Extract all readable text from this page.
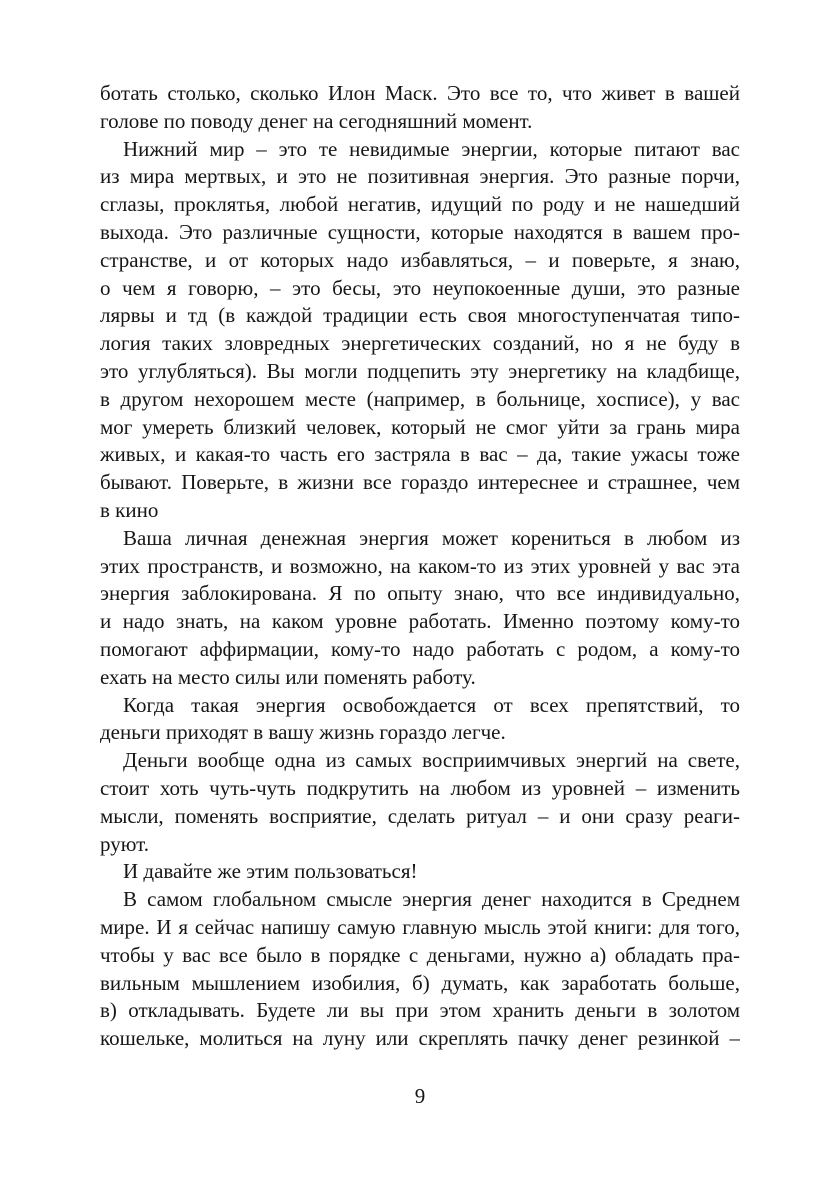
ботать столько, сколько Илон Маск. Это все то, что живет в вашей
голове по поводу денег на сегодняшний момент.
Нижний мир – это те невидимые энергии, которые питают вас
из мира мертвых, и это не позитивная энергия. Это разные порчи,
сглазы, проклятья, любой негатив, идущий по роду и не нашедший
выхода. Это различные сущности, которые находятся в вашем про-
странстве, и от которых надо избавляться, – и поверьте, я знаю,
о чем я говорю, – это бесы, это неупокоенные души, это разные
лярвы и тд (в каждой традиции есть своя многоступенчатая типо-
логия таких зловредных энергетических созданий, но я не буду в
это углубляться). Вы могли подцепить эту энергетику на кладбище,
в другом нехорошем месте (например, в больнице, хосписе), у вас
мог умереть близкий человек, который не смог уйти за грань мира
живых, и какая-то часть его застряла в вас – да, такие ужасы тоже
бывают. Поверьте, в жизни все гораздо интереснее и страшнее, чем
в кино
Ваша личная денежная энергия может корениться в любом из
этих пространств, и возможно, на каком-то из этих уровней у вас эта
энергия заблокирована. Я по опыту знаю, что все индивидуально,
и надо знать, на каком уровне работать. Именно поэтому кому-то
помогают аффирмации, кому-то надо работать с родом, а кому-то
ехать на место силы или поменять работу.
Когда такая энергия освобождается от всех препятствий, то
деньги приходят в вашу жизнь гораздо легче.
Деньги вообще одна из самых восприимчивых энергий на свете,
стоит хоть чуть-чуть подкрутить на любом из уровней – изменить
мысли, поменять восприятие, сделать ритуал – и они сразу реаги-
руют.
И давайте же этим пользоваться!
В самом глобальном смысле энергия денег находится в Среднем
мире. И я сейчас напишу самую главную мысль этой книги: для того,
чтобы у вас все было в порядке с деньгами, нужно а) обладать пра-
вильным мышлением изобилия, б) думать, как заработать больше,
в) откладывать. Будете ли вы при этом хранить деньги в золотом
кошельке, молиться на луну или скреплять пачку денег резинкой –
9
